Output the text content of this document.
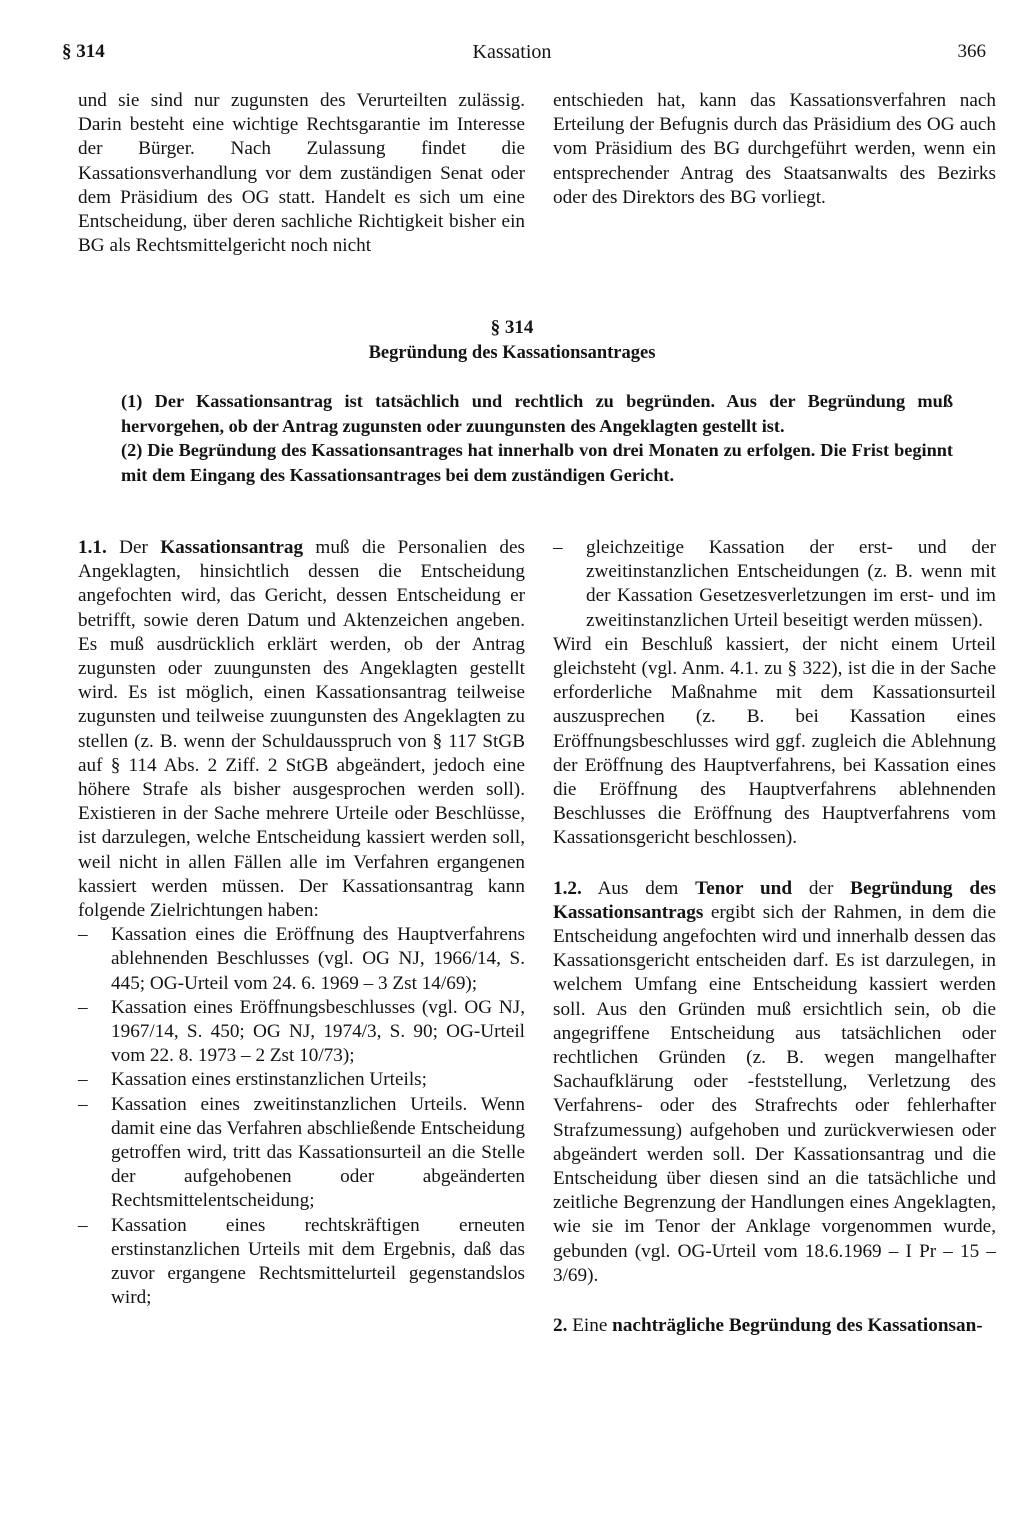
Kassation
§ 314	366

und sie sind nur zugunsten des Verurteilten zulässig. Darin besteht eine wichtige Rechtsgarantie im Interesse der Bürger. Nach Zulassung findet die Kassationsverhandlung vor dem zuständigen Senat oder dem Präsidium des OG statt. Handelt es sich um eine Entscheidung, über deren sachliche Richtigkeit bisher ein BG als Rechtsmittelgericht noch nicht

entschieden hat, kann das Kassationsverfahren nach Erteilung der Befugnis durch das Präsidium des OG auch vom Präsidium des BG durchgeführt werden, wenn ein entsprechender Antrag des Staatsanwalts des Bezirks oder des Direktors des BG vorliegt.

§ 314
Begründung des Kassationsantrages

(1) Der Kassationsantrag ist tatsächlich und rechtlich zu begründen. Aus der Begründung muß hervorgehen, ob der Antrag zugunsten oder zuungunsten des Angeklagten gestellt ist.

(2) Die Begründung des Kassationsantrages hat innerhalb von drei Monaten zu erfolgen. Die Frist beginnt mit dem Eingang des Kassationsantrages bei dem zuständigen Gericht.

1.1. Der Kassationsantrag muß die Personalien des Angeklagten, hinsichtlich dessen die Entscheidung angefochten wird, das Gericht, dessen Entscheidung er betrifft, sowie deren Datum und Aktenzeichen angeben. Es muß ausdrücklich erklärt werden, ob der Antrag zugunsten oder zuungunsten des Angeklagten gestellt wird. Es ist möglich, einen Kassationsantrag teilweise zugunsten und teilweise zuungunsten des Angeklagten zu stellen (z. B. wenn der Schuldausspruch von § 117 StGB auf § 114 Abs. 2 Ziff. 2 StGB abgeändert, jedoch eine höhere Strafe als bisher ausgesprochen werden soll). Existieren in der Sache mehrere Urteile oder Beschlüsse, ist darzulegen, welche Entscheidung kassiert werden soll, weil nicht in allen Fällen alle im Verfahren ergangenen kassiert werden müssen. Der Kassationsantrag kann folgende Zielrichtungen haben:

– Kassation eines die Eröffnung des Hauptverfahrens ablehnenden Beschlusses (vgl. OG NJ, 1966/14, S. 445; OG-Urteil vom 24. 6. 1969 – 3 Zst 14/69);
– Kassation eines Eröffnungsbeschlusses (vgl. OG NJ, 1967/14, S. 450; OG NJ, 1974/3, S. 90; OG-Urteil vom 22. 8. 1973 – 2 Zst 10/73);
– Kassation eines erstinstanzlichen Urteils;
– Kassation eines zweitinstanzlichen Urteils. Wenn damit eine das Verfahren abschließende Entscheidung getroffen wird, tritt das Kassationsurteil an die Stelle der aufgehobenen oder abgeänderten Rechtsmittelentscheidung;
– Kassation eines rechtskräftigen erneuten erstinstanzlichen Urteils mit dem Ergebnis, daß das zuvor ergangene Rechtsmittelurteil gegenstandslos wird;
– gleichzeitige Kassation der erst- und der zweitinstanzlichen Entscheidungen (z. B. wenn mit der Kassation Gesetzesverletzungen im erst- und im zweitinstanzlichen Urteil beseitigt werden müssen).

Wird ein Beschluß kassiert, der nicht einem Urteil gleichsteht (vgl. Anm. 4.1. zu § 322), ist die in der Sache erforderliche Maßnahme mit dem Kassationsurteil auszusprechen (z. B. bei Kassation eines Eröffnungsbeschlusses wird ggf. zugleich die Ablehnung der Eröffnung des Hauptverfahrens, bei Kassation eines die Eröffnung des Hauptverfahrens ablehnenden Beschlusses die Eröffnung des Hauptverfahrens vom Kassationsgericht beschlossen).

1.2. Aus dem Tenor und der Begründung des Kassationsantrags ergibt sich der Rahmen, in dem die Entscheidung angefochten wird und innerhalb dessen das Kassationsgericht entscheiden darf. Es ist darzulegen, in welchem Umfang eine Entscheidung kassiert werden soll. Aus den Gründen muß ersichtlich sein, ob die angegriffene Entscheidung aus tatsächlichen oder rechtlichen Gründen (z. B. wegen mangelhafter Sachaufklärung oder -feststellung, Verletzung des Verfahrens- oder des Strafrechts oder fehlerhafter Strafzumessung) aufgehoben und zurückverwiesen oder abgeändert werden soll. Der Kassationsantrag und die Entscheidung über diesen sind an die tatsächliche und zeitliche Begrenzung der Handlungen eines Angeklagten, wie sie im Tenor der Anklage vorgenommen wurde, gebunden (vgl. OG-Urteil vom 18.6.1969 – I Pr – 15 – 3/69).

2. Eine nachträgliche Begründung des Kassationsan-
